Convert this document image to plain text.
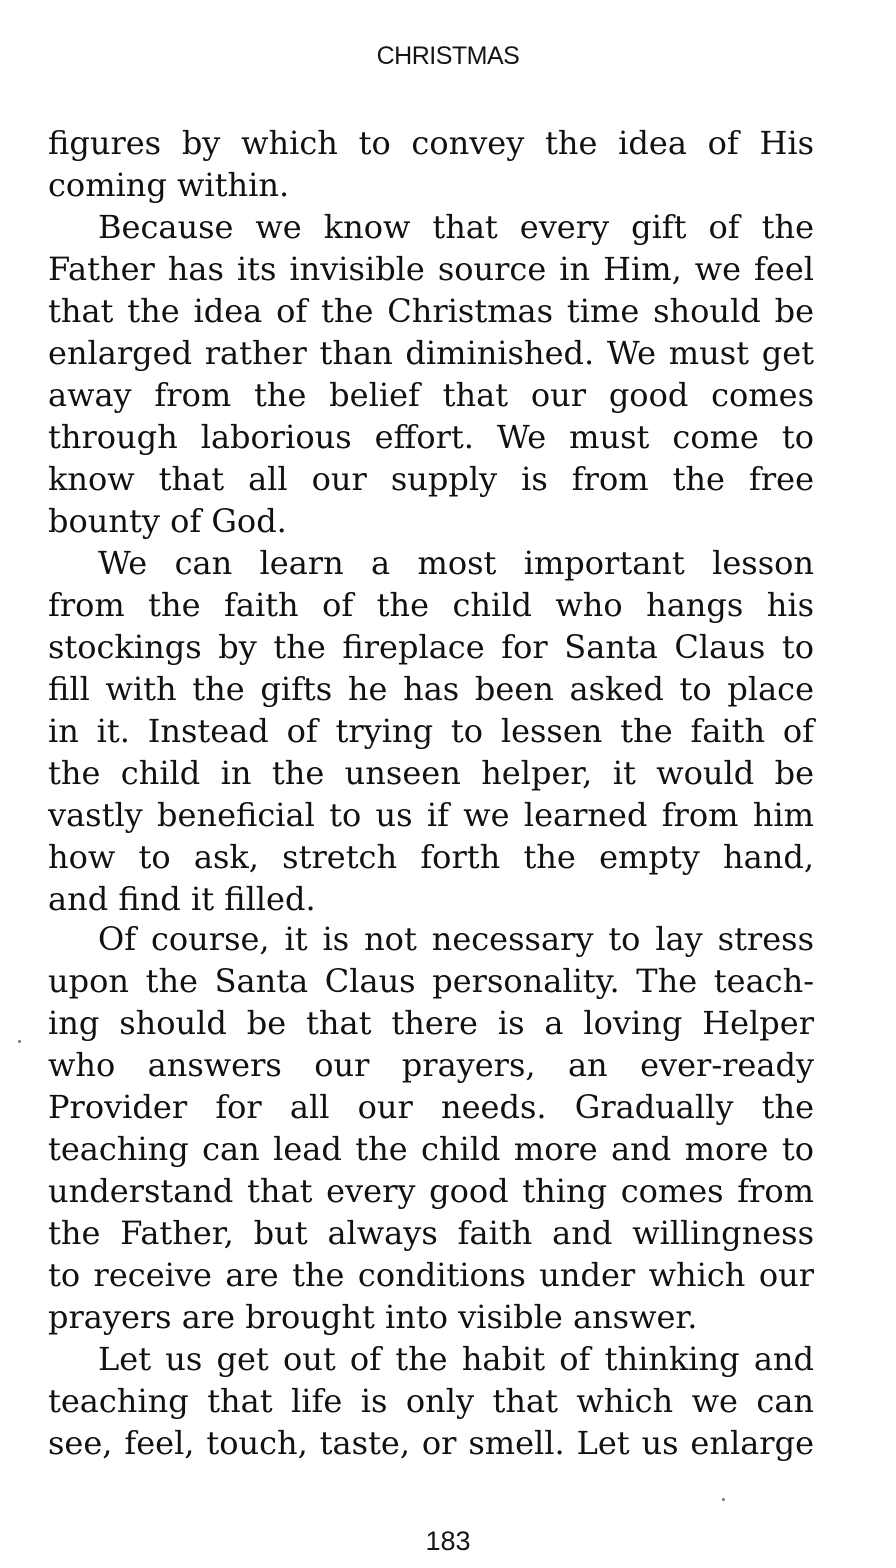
CHRISTMAS
figures by which to convey the idea of His
coming within.
Because we know that every gift of the
Father has its invisible source in Him, we feel
that the idea of the Christmas time should be
enlarged rather than diminished. We must get
away from the belief that our good comes
through laborious effort. We must come to
know that all our supply is from the free
bounty of God.
We can learn a most important lesson
from the faith of the child who hangs his
stockings by the fireplace for Santa Claus to
fill with the gifts he has been asked to place
in it. Instead of trying to lessen the faith of
the child in the unseen helper, it would be
vastly beneficial to us if we learned from him
how to ask, stretch forth the empty hand,
and find it filled.
Of course, it is not necessary to lay stress
upon the Santa Claus personality. The teach-
ing should be that there is a loving Helper
who answers our prayers, an ever-ready
Provider for all our needs. Gradually the
teaching can lead the child more and more to
understand that every good thing comes from
the Father, but always faith and willingness
to receive are the conditions under which our
prayers are brought into visible answer.
Let us get out of the habit of thinking and
teaching that life is only that which we can
see, feel, touch, taste, or smell. Let us enlarge
183
